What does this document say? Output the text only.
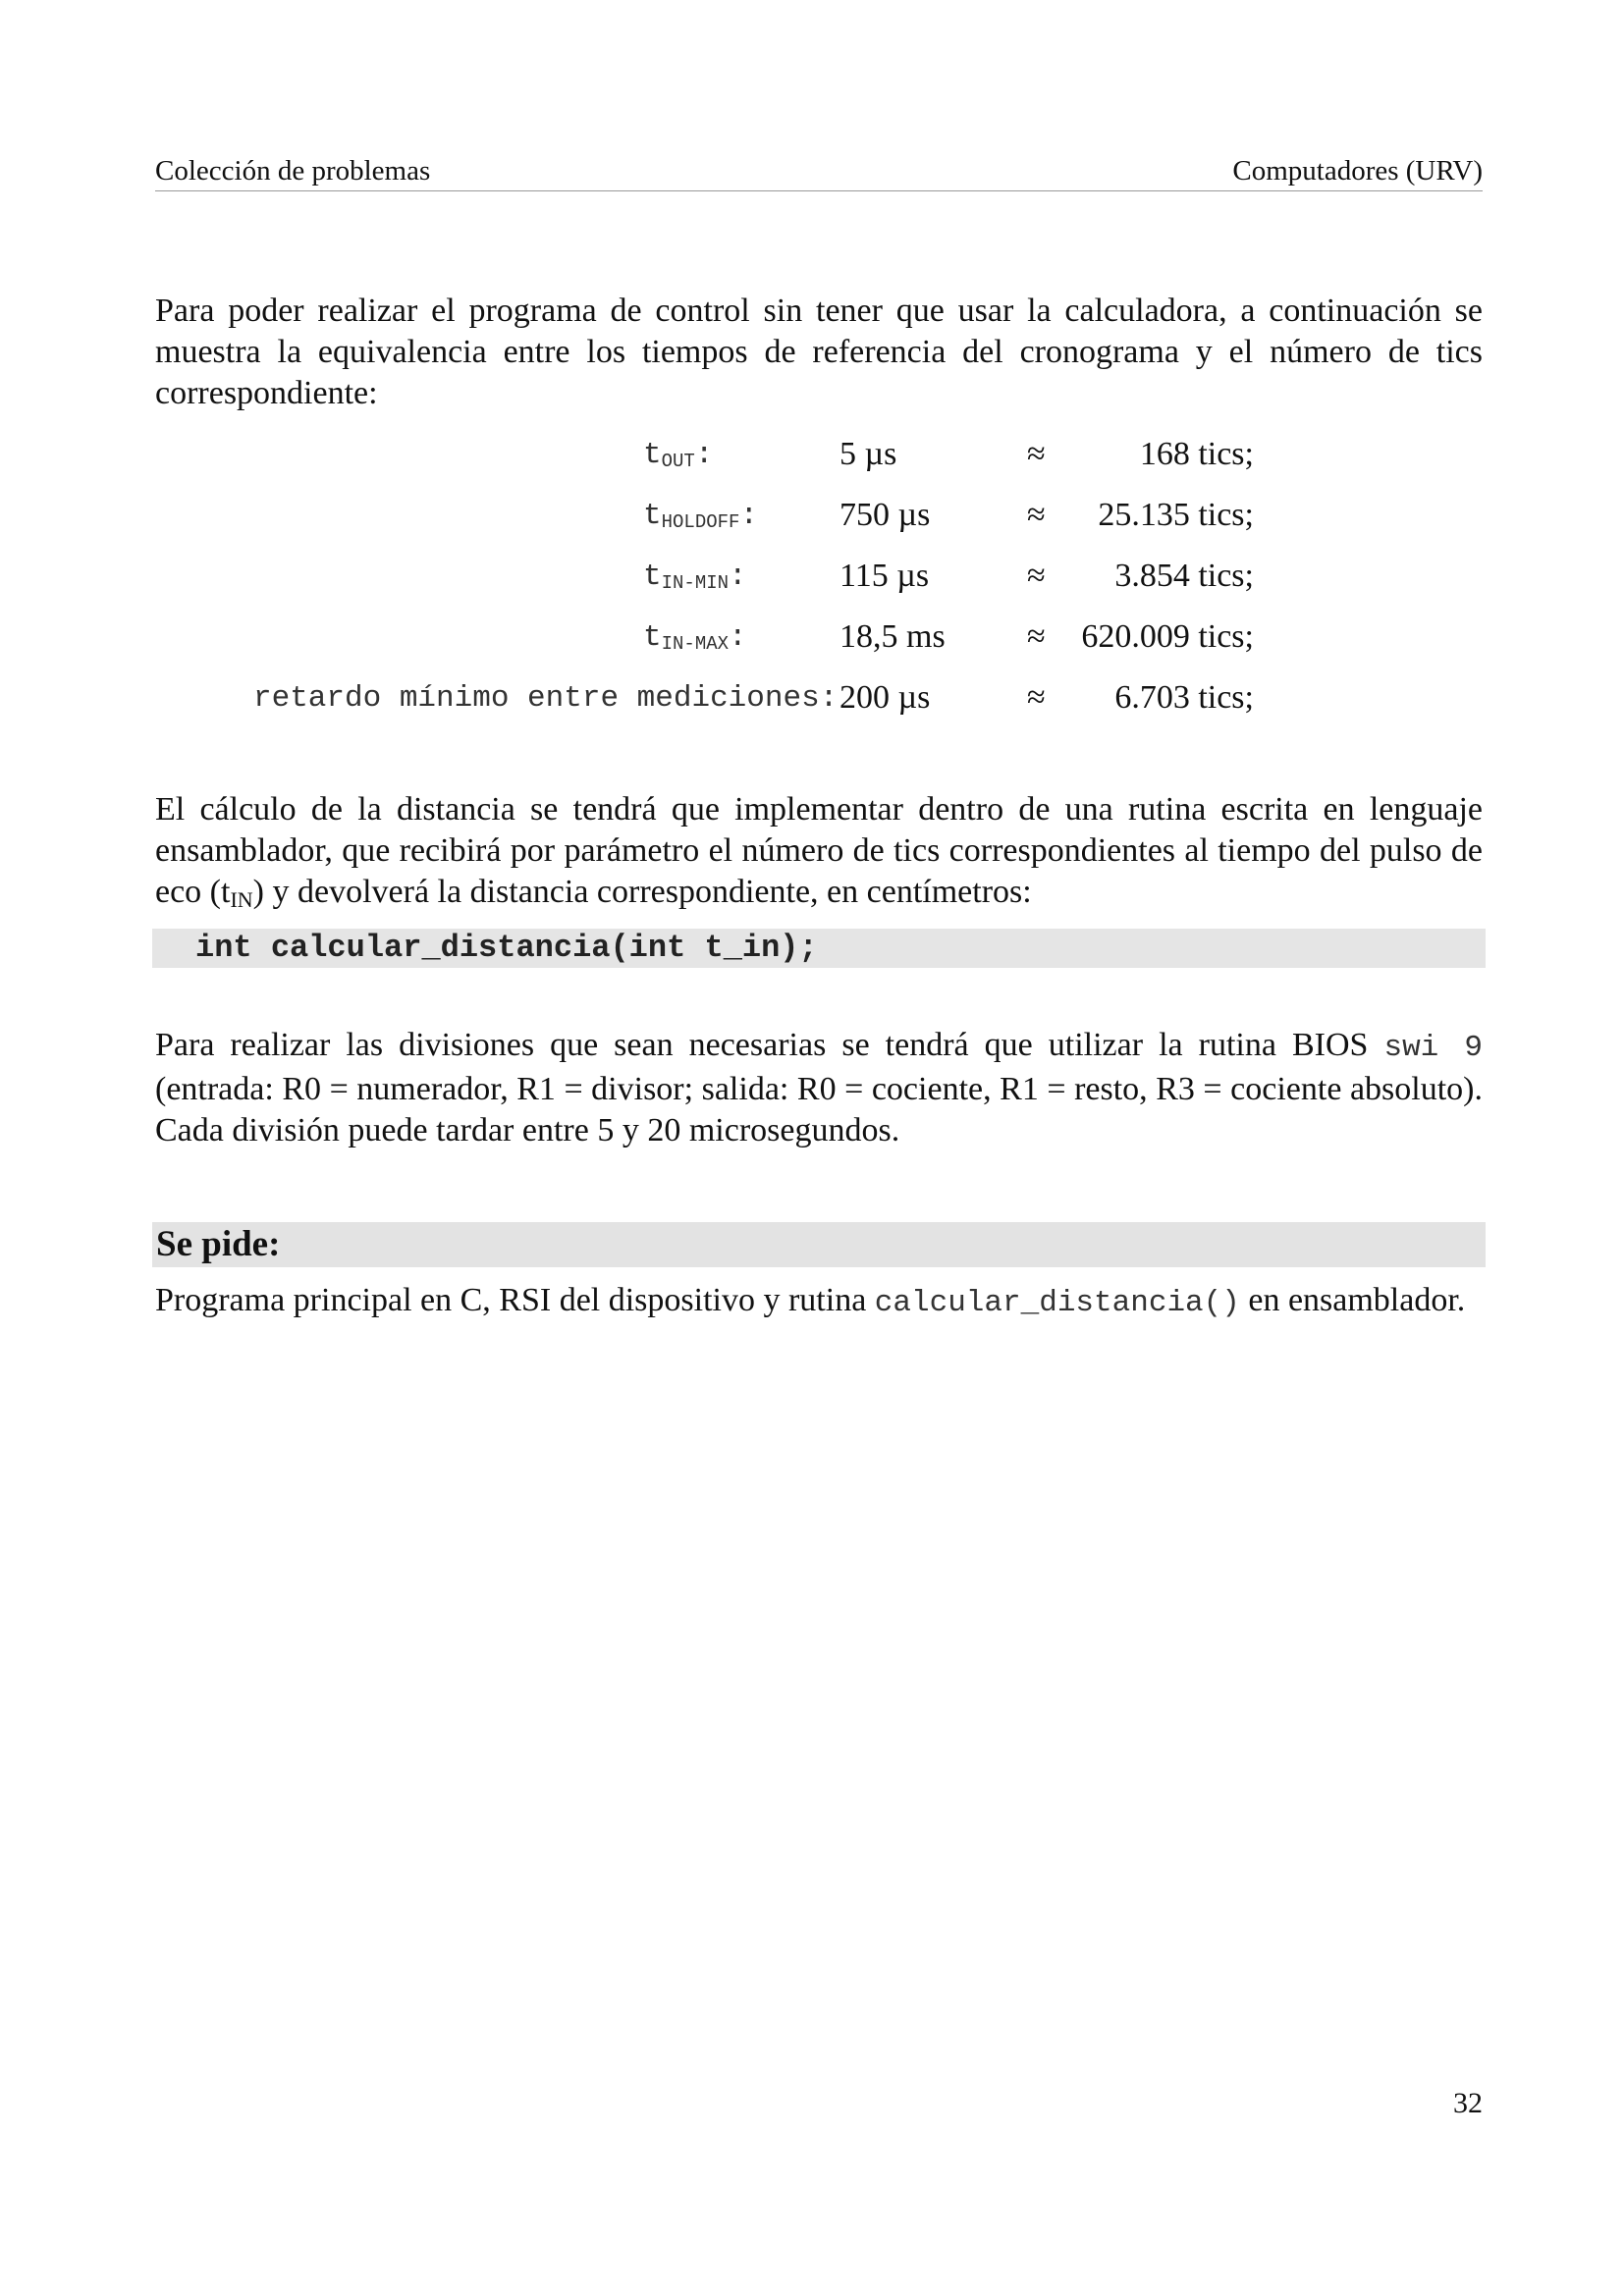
Colección de problemas	Computadores (URV)
Para poder realizar el programa de control sin tener que usar la calculadora, a continuación se muestra la equivalencia entre los tiempos de referencia del cronograma y el número de tics correspondiente:
$t_{OUT}$:	5 µs	≈	168 tics;
$t_{HOLDOFF}$: 750 µs	≈ 25.135 tics;
$t_{IN-MIN}$:	115 µs	≈ 3.854 tics;
$t_{IN-MAX}$:	18,5 ms ≈ 620.009 tics;
retardo mínimo entre mediciones: 200 µs	≈ 6.703 tics;
El cálculo de la distancia se tendrá que implementar dentro de una rutina escrita en lenguaje ensamblador, que recibirá por parámetro el número de tics correspondientes al tiempo del pulso de eco $(t_{IN})$ y devolverá la distancia correspondiente, en centímetros:
int calcular_distancia(int t_in);
Para realizar las divisiones que sean necesarias se tendrá que utilizar la rutina BIOS swi 9 (entrada: R0 = numerador, R1 = divisor; salida: R0 = cociente, R1 = resto, R3 = cociente absoluto). Cada división puede tardar entre 5 y 20 microsegundos.
Se pide:
Programa principal en C, RSI del dispositivo y rutina calcular_distancia() en ensamblador.
32
